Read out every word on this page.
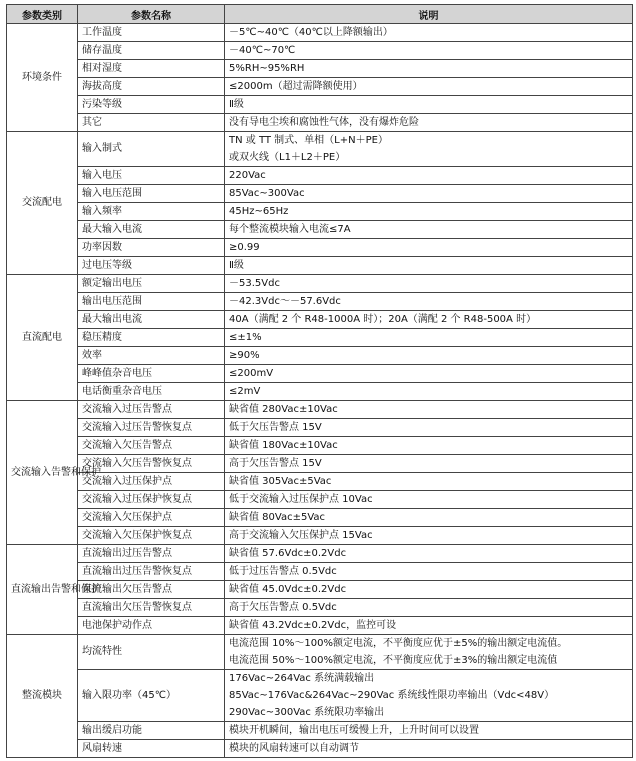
参数类别	参数名称	说明
环境条件	工作温度	－5℃~40℃（40℃以上降额输出）

	储存温度	－40℃~70℃

	相对湿度	5%RH~95%RH

	海拔高度	≤2000m（超过需降额使用）

	污染等级	Ⅱ级

	其它	没有导电尘埃和腐蚀性气体，没有爆炸危险

交流配电	输入制式	TN 或 TT 制式、单相（L+N＋PE）
或双火线（L1＋L2＋PE）

	输入电压	220Vac

	输入电压范围	85Vac~300Vac

	输入频率	45Hz~65Hz

	最大输入电流	每个整流模块输入电流≤7A

	功率因数	≥0.99

	过电压等级	Ⅱ级

直流配电	额定输出电压	－53.5Vdc

	输出电压范围	－42.3Vdc～－57.6Vdc

	最大输出电流	40A（满配 2 个 R48-1000A 时）；20A（满配 2 个 R48-500A 时）

	稳压精度	≤±1%

	效率	≥90%

	峰峰值杂音电压	≤200mV

	电话衡重杂音电压	≤2mV

交流输入告警和保护	交流输入过压告警点	缺省值 280Vac±10Vac

	交流输入过压告警恢复点	低于欠压告警点 15V

	交流输入欠压告警点	缺省值 180Vac±10Vac

	交流输入欠压告警恢复点	高于欠压告警点 15V

	交流输入过压保护点	缺省值 305Vac±5Vac

	交流输入过压保护恢复点	低于交流输入过压保护点 10Vac

	交流输入欠压保护点	缺省值 80Vac±5Vac

	交流输入欠压保护恢复点	高于交流输入欠压保护点 15Vac

直流输出告警和保护	直流输出过压告警点	缺省值 57.6Vdc±0.2Vdc

	直流输出过压告警恢复点	低于过压告警点 0.5Vdc

	直流输出欠压告警点	缺省值 45.0Vdc±0.2Vdc

	直流输出欠压告警恢复点	高于欠压告警点 0.5Vdc

	电池保护动作点	缺省值 43.2Vdc±0.2Vdc，监控可设

整流模块	均流特性	电流范围 10%～100%额定电流，不平衡度应优于±5%的输出额定电流值。
电流范围 50%～100%额定电流，不平衡度应优于±3%的输出额定电流值

	输入限功率（45℃）	176Vac~264Vac 系统满载输出
85Vac~176Vac&264Vac~290Vac 系统线性限功率输出（Vdc<48V）
290Vac~300Vac 系统限功率输出

	输出缓启功能	模块开机瞬间，输出电压可缓慢上升，上升时间可以设置

	风扇转速	模块的风扇转速可以自动调节
